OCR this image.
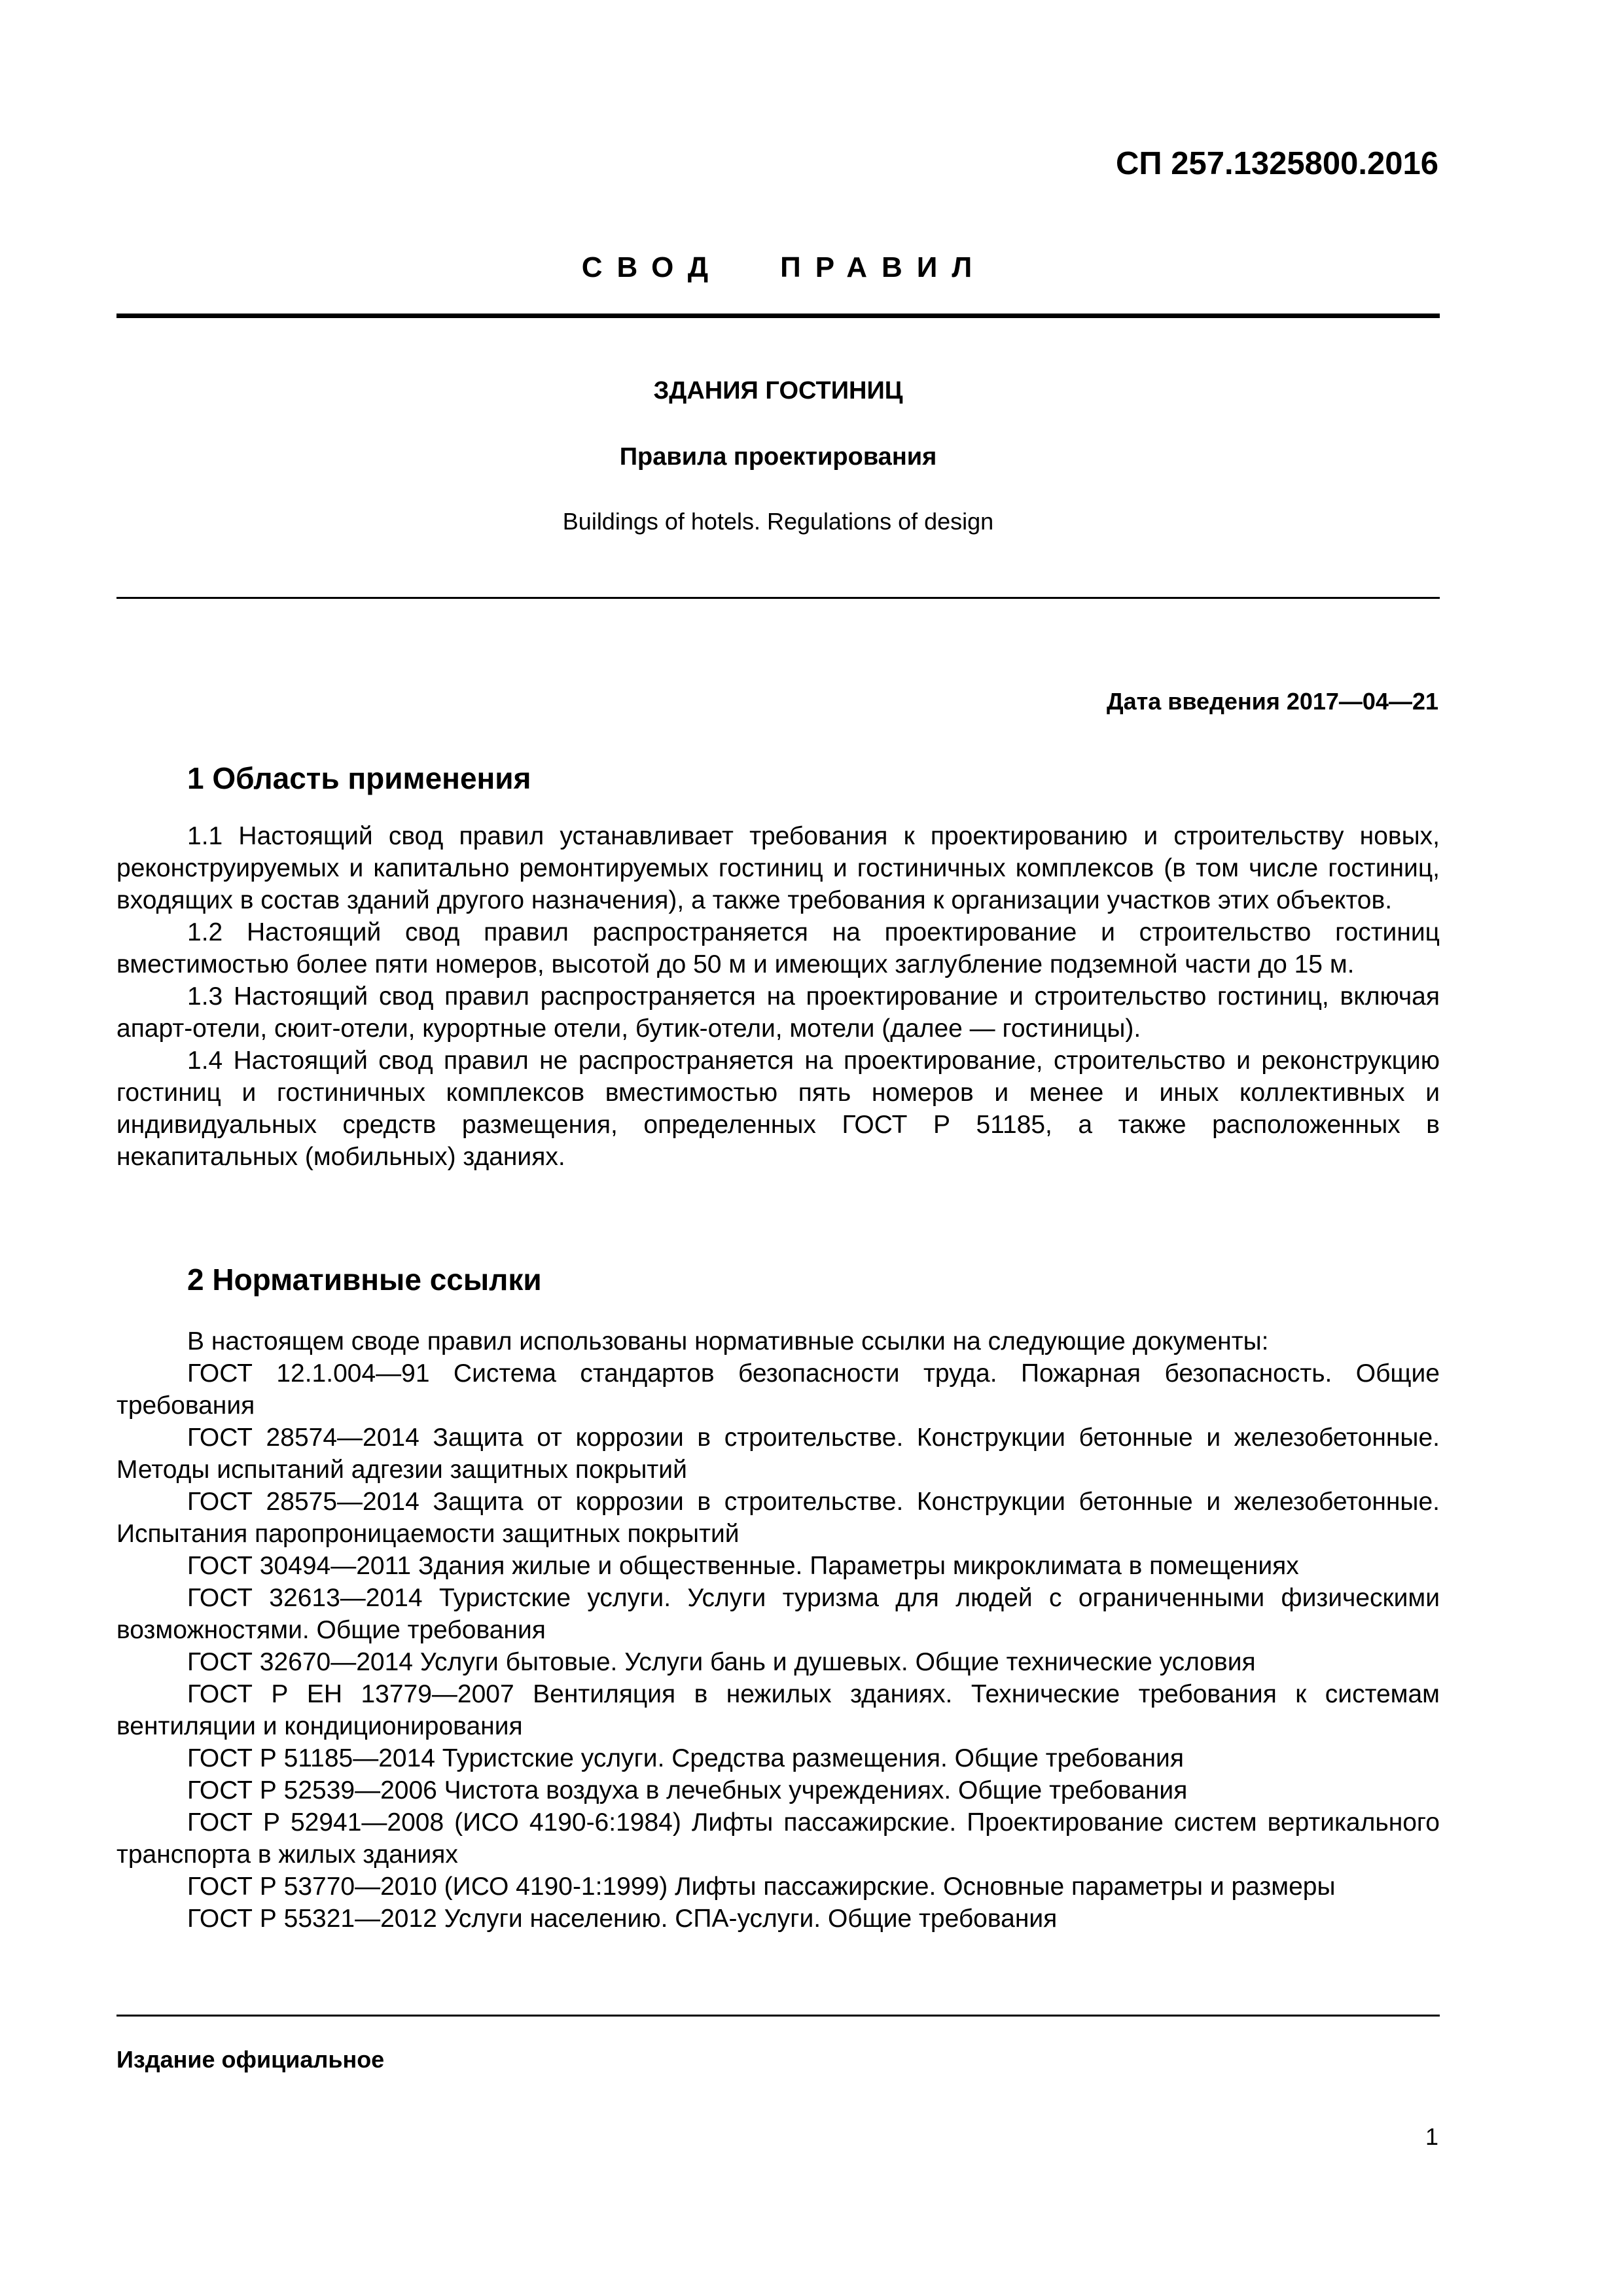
СП 257.1325800.2016
СВОД ПРАВИЛ
ЗДАНИЯ ГОСТИНИЦ
Правила проектирования
Buildings of hotels. Regulations of design
Дата введения 2017—04—21
1 Область применения

1.1 Настоящий свод правил устанавливает требования к проектированию и строительству новых, реконструируемых и капитально ремонтируемых гостиниц и гостиничных комплексов (в том числе гостиниц, входящих в состав зданий другого назначения), а также требования к организации участков этих объектов.

1.2 Настоящий свод правил распространяется на проектирование и строительство гостиниц вместимостью более пяти номеров, высотой до 50 м и имеющих заглубление подземной части до 15 м.

1.3 Настоящий свод правил распространяется на проектирование и строительство гостиниц, включая апарт-отели, сюит-отели, курортные отели, бутик-отели, мотели (далее — гостиницы).

1.4 Настоящий свод правил не распространяется на проектирование, строительство и реконструкцию гостиниц и гостиничных комплексов вместимостью пять номеров и менее и иных коллективных и индивидуальных средств размещения, определенных ГОСТ Р 51185, а также расположенных в некапитальных (мобильных) зданиях.

2 Нормативные ссылки

В настоящем своде правил использованы нормативные ссылки на следующие документы:

ГОСТ 12.1.004—91 Система стандартов безопасности труда. Пожарная безопасность. Общие требования

ГОСТ 28574—2014 Защита от коррозии в строительстве. Конструкции бетонные и железобетонные. Методы испытаний адгезии защитных покрытий

ГОСТ 28575—2014 Защита от коррозии в строительстве. Конструкции бетонные и железобетонные. Испытания паропроницаемости защитных покрытий

ГОСТ 30494—2011 Здания жилые и общественные. Параметры микроклимата в помещениях

ГОСТ 32613—2014 Туристские услуги. Услуги туризма для людей с ограниченными физическими возможностями. Общие требования

ГОСТ 32670—2014 Услуги бытовые. Услуги бань и душевых. Общие технические условия

ГОСТ Р ЕН 13779—2007 Вентиляция в нежилых зданиях. Технические требования к системам вентиляции и кондиционирования

ГОСТ Р 51185—2014 Туристские услуги. Средства размещения. Общие требования

ГОСТ Р 52539—2006 Чистота воздуха в лечебных учреждениях. Общие требования

ГОСТ Р 52941—2008 (ИСО 4190-6:1984) Лифты пассажирские. Проектирование систем вертикального транспорта в жилых зданиях

ГОСТ Р 53770—2010 (ИСО 4190-1:1999) Лифты пассажирские. Основные параметры и размеры

ГОСТ Р 55321—2012 Услуги населению. СПА-услуги. Общие требования

Издание официальное
1
